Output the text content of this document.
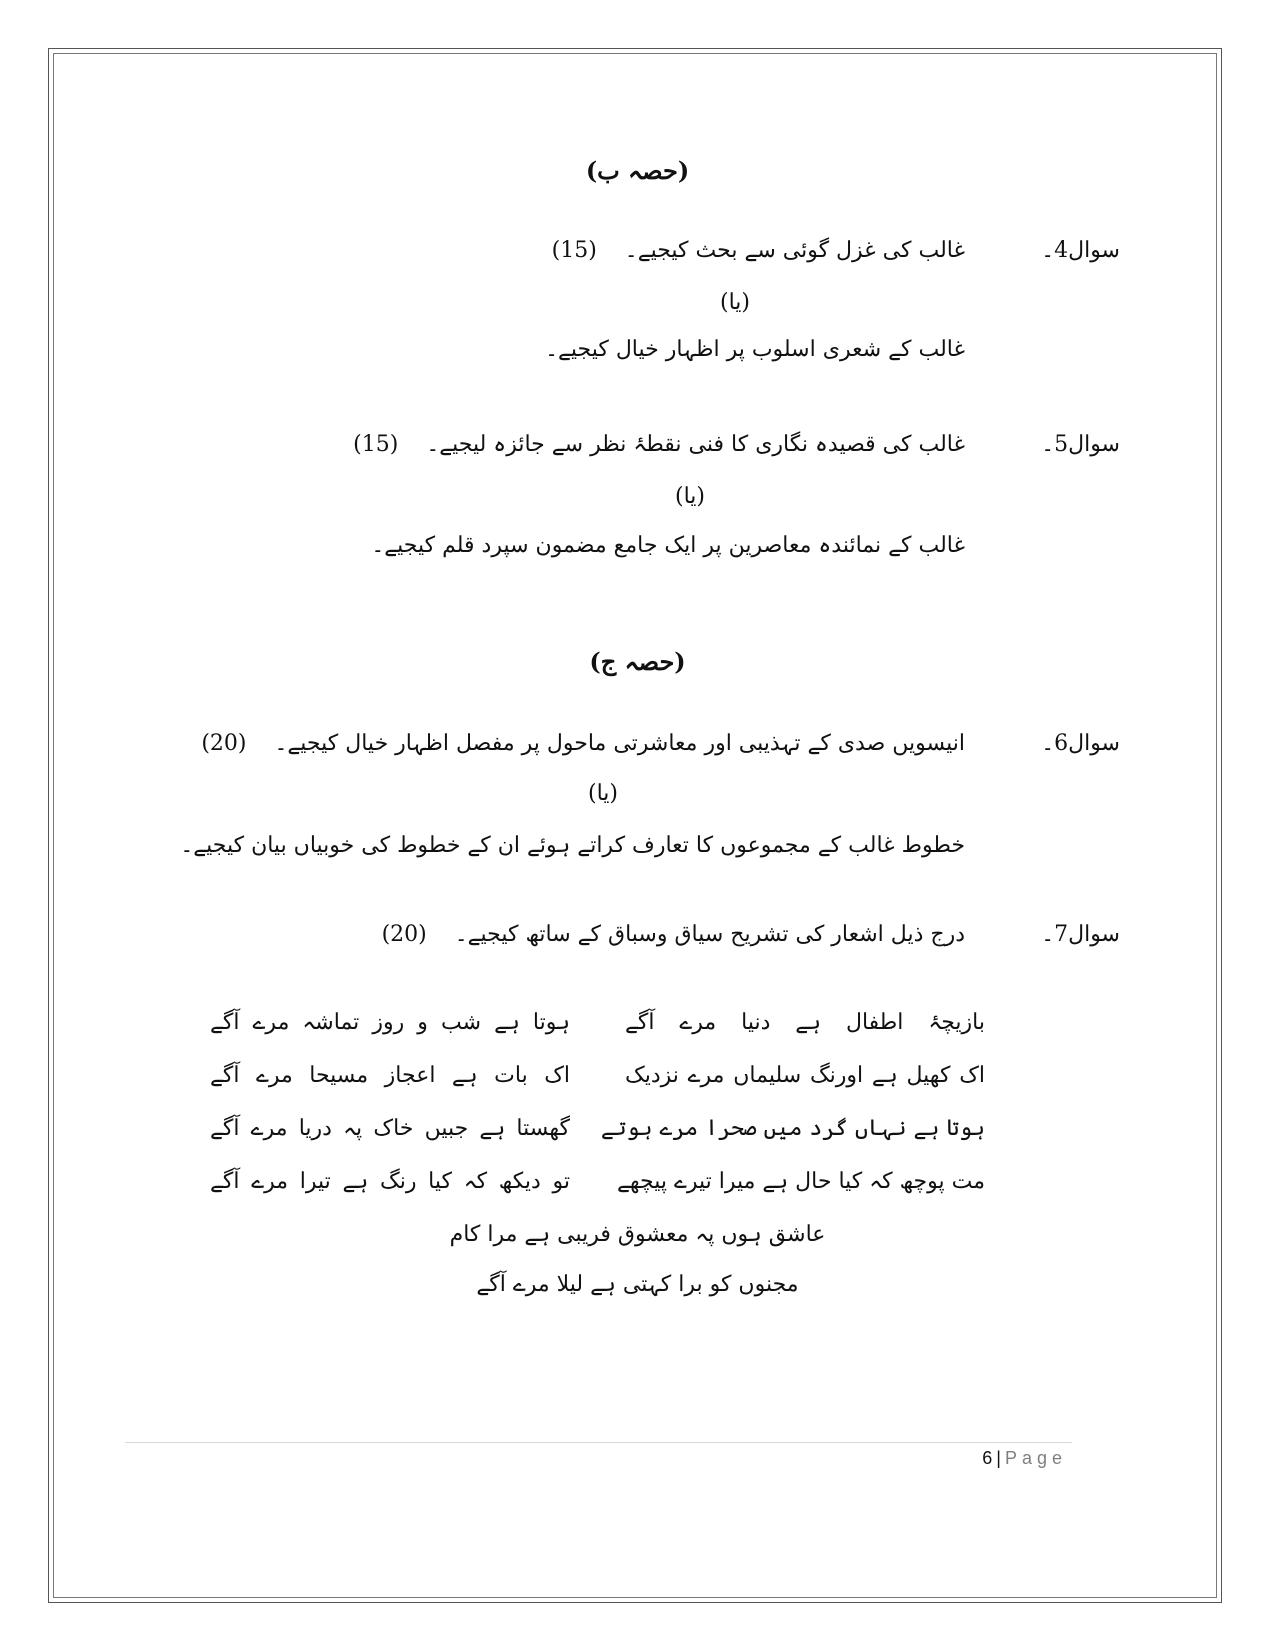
(حصہ ب)
سوال4۔
غالب کی غزل گوئی سے بحث کیجیے۔
(15)
(یا)
غالب کے شعری اسلوب پر اظہار خیال کیجیے۔
سوال5۔
غالب کی قصیدہ نگاری کا فنی نقطۂ نظر سے جائزہ لیجیے۔
(15)
(یا)
غالب کے نمائندہ معاصرین پر ایک جامع مضمون سپرد قلم کیجیے۔
(حصہ ج)
سوال6۔
انیسویں صدی کے تہذیبی اور معاشرتی ماحول پر مفصل اظہار خیال کیجیے۔
(20)
(یا)
خطوط غالب کے مجموعوں کا تعارف کراتے ہوئے ان کے خطوط کی خوبیاں بیان کیجیے۔
سوال7۔
درج ذیل اشعار کی تشریح سیاق وسباق کے ساتھ کیجیے۔
(20)
بازیچۂ اطفال ہے دنیا مرے آگے
ہوتا ہے شب و روز تماشہ مرے آگے
اک کھیل ہے اورنگ سلیماں مرے نزدیک
اک بات ہے اعجاز مسیحا مرے آگے
ہوتا ہے نہاں گرد میں صحرا مرے ہوتے
گھستا ہے جبیں خاک پہ دریا مرے آگے
مت پوچھ کہ کیا حال ہے میرا تیرے پیچھے
تو دیکھ کہ کیا رنگ ہے تیرا مرے آگے
عاشق ہوں پہ معشوق فریبی ہے مرا کام
مجنوں کو برا کہتی ہے لیلا مرے آگے
6 | Page
